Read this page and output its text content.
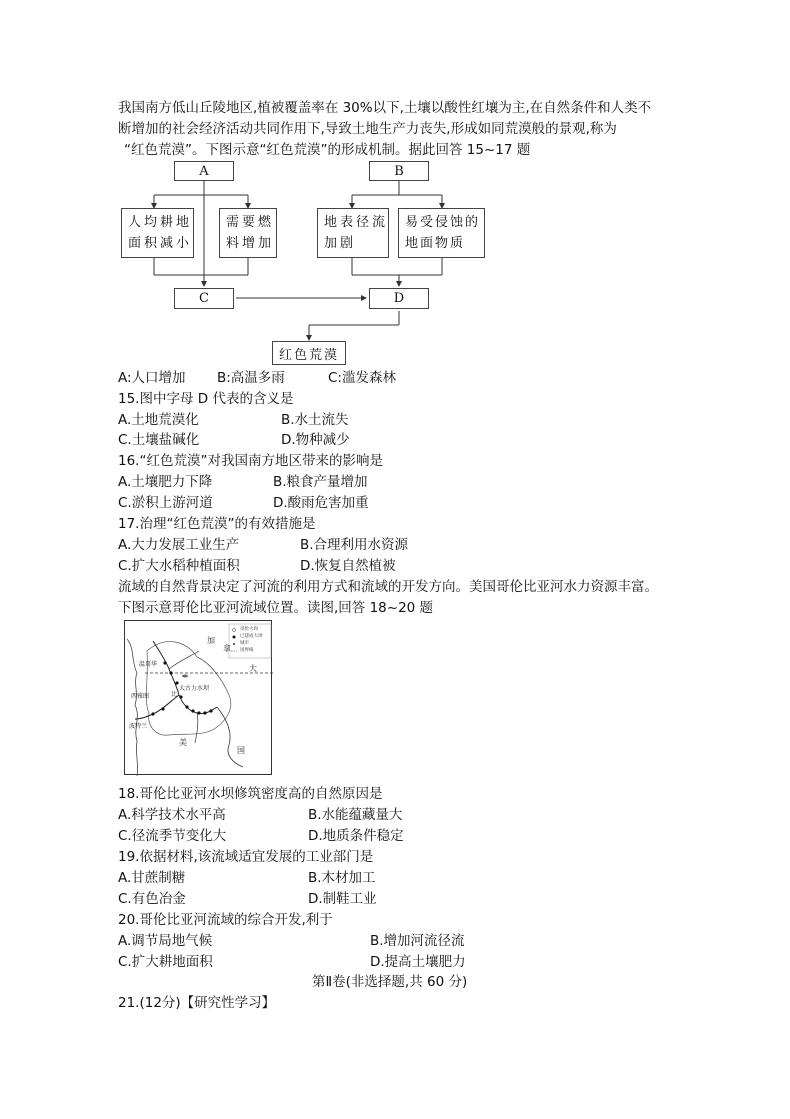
我国南方低山丘陵地区,植被覆盖率在 30%以下,土壤以酸性红壤为主,在自然条件和人类不
断增加的社会经济活动共同作用下,导致土地生产力丧失,形成如同荒漠般的景观,称为
“红色荒漠”。下图示意“红色荒漠”的形成机制。据此回答 15~17 题
A	B
人均耕地
面积减小
需要燃
料增加
地表径流
加剧
易受侵蚀的
地面物质
C	D
红色荒漠
A:人口增加 B:高温多雨	C:滥发森林
15.图中字母 D 代表的含义是
A.土地荒漠化	B.水土流失
C.土壤盐碱化	D.物种减少
16.“红色荒漠”对我国南方地区带来的影响是
A.土壤肥力下降	B.粮食产量增加
C.淤积上游河道	D.酸雨危害加重
17.治理“红色荒漠”的有效措施是
A.大力发展工业生产	B.合理利用水资源
C.扩大水稻种植面积	D.恢复自然植被
流域的自然背景决定了河流的利用方式和流域的开发方向。美国哥伦比亚河水力资源丰富。
下图示意哥伦比亚河流域位置。读图,回答 18~20 题
哥伦大坝
已建成大坝
城市
国界线
加
拿
大
美
国
温哥华
大古力水坝
西雅图
波特兰
比
18.哥伦比亚河水坝修筑密度高的自然原因是
A.科学技术水平高	B.水能蕴藏量大
C.径流季节变化大	D.地质条件稳定
19.依据材料,该流域适宜发展的工业部门是
A.甘蔗制糖	B.木材加工
C.有色冶金	D.制鞋工业
20.哥伦比亚河流域的综合开发,利于
A.调节局地气候	B.增加河流径流
C.扩大耕地面积	D.提高土壤肥力
第Ⅱ卷(非选择题,共 60 分)
21.(12分)【研究性学习】
